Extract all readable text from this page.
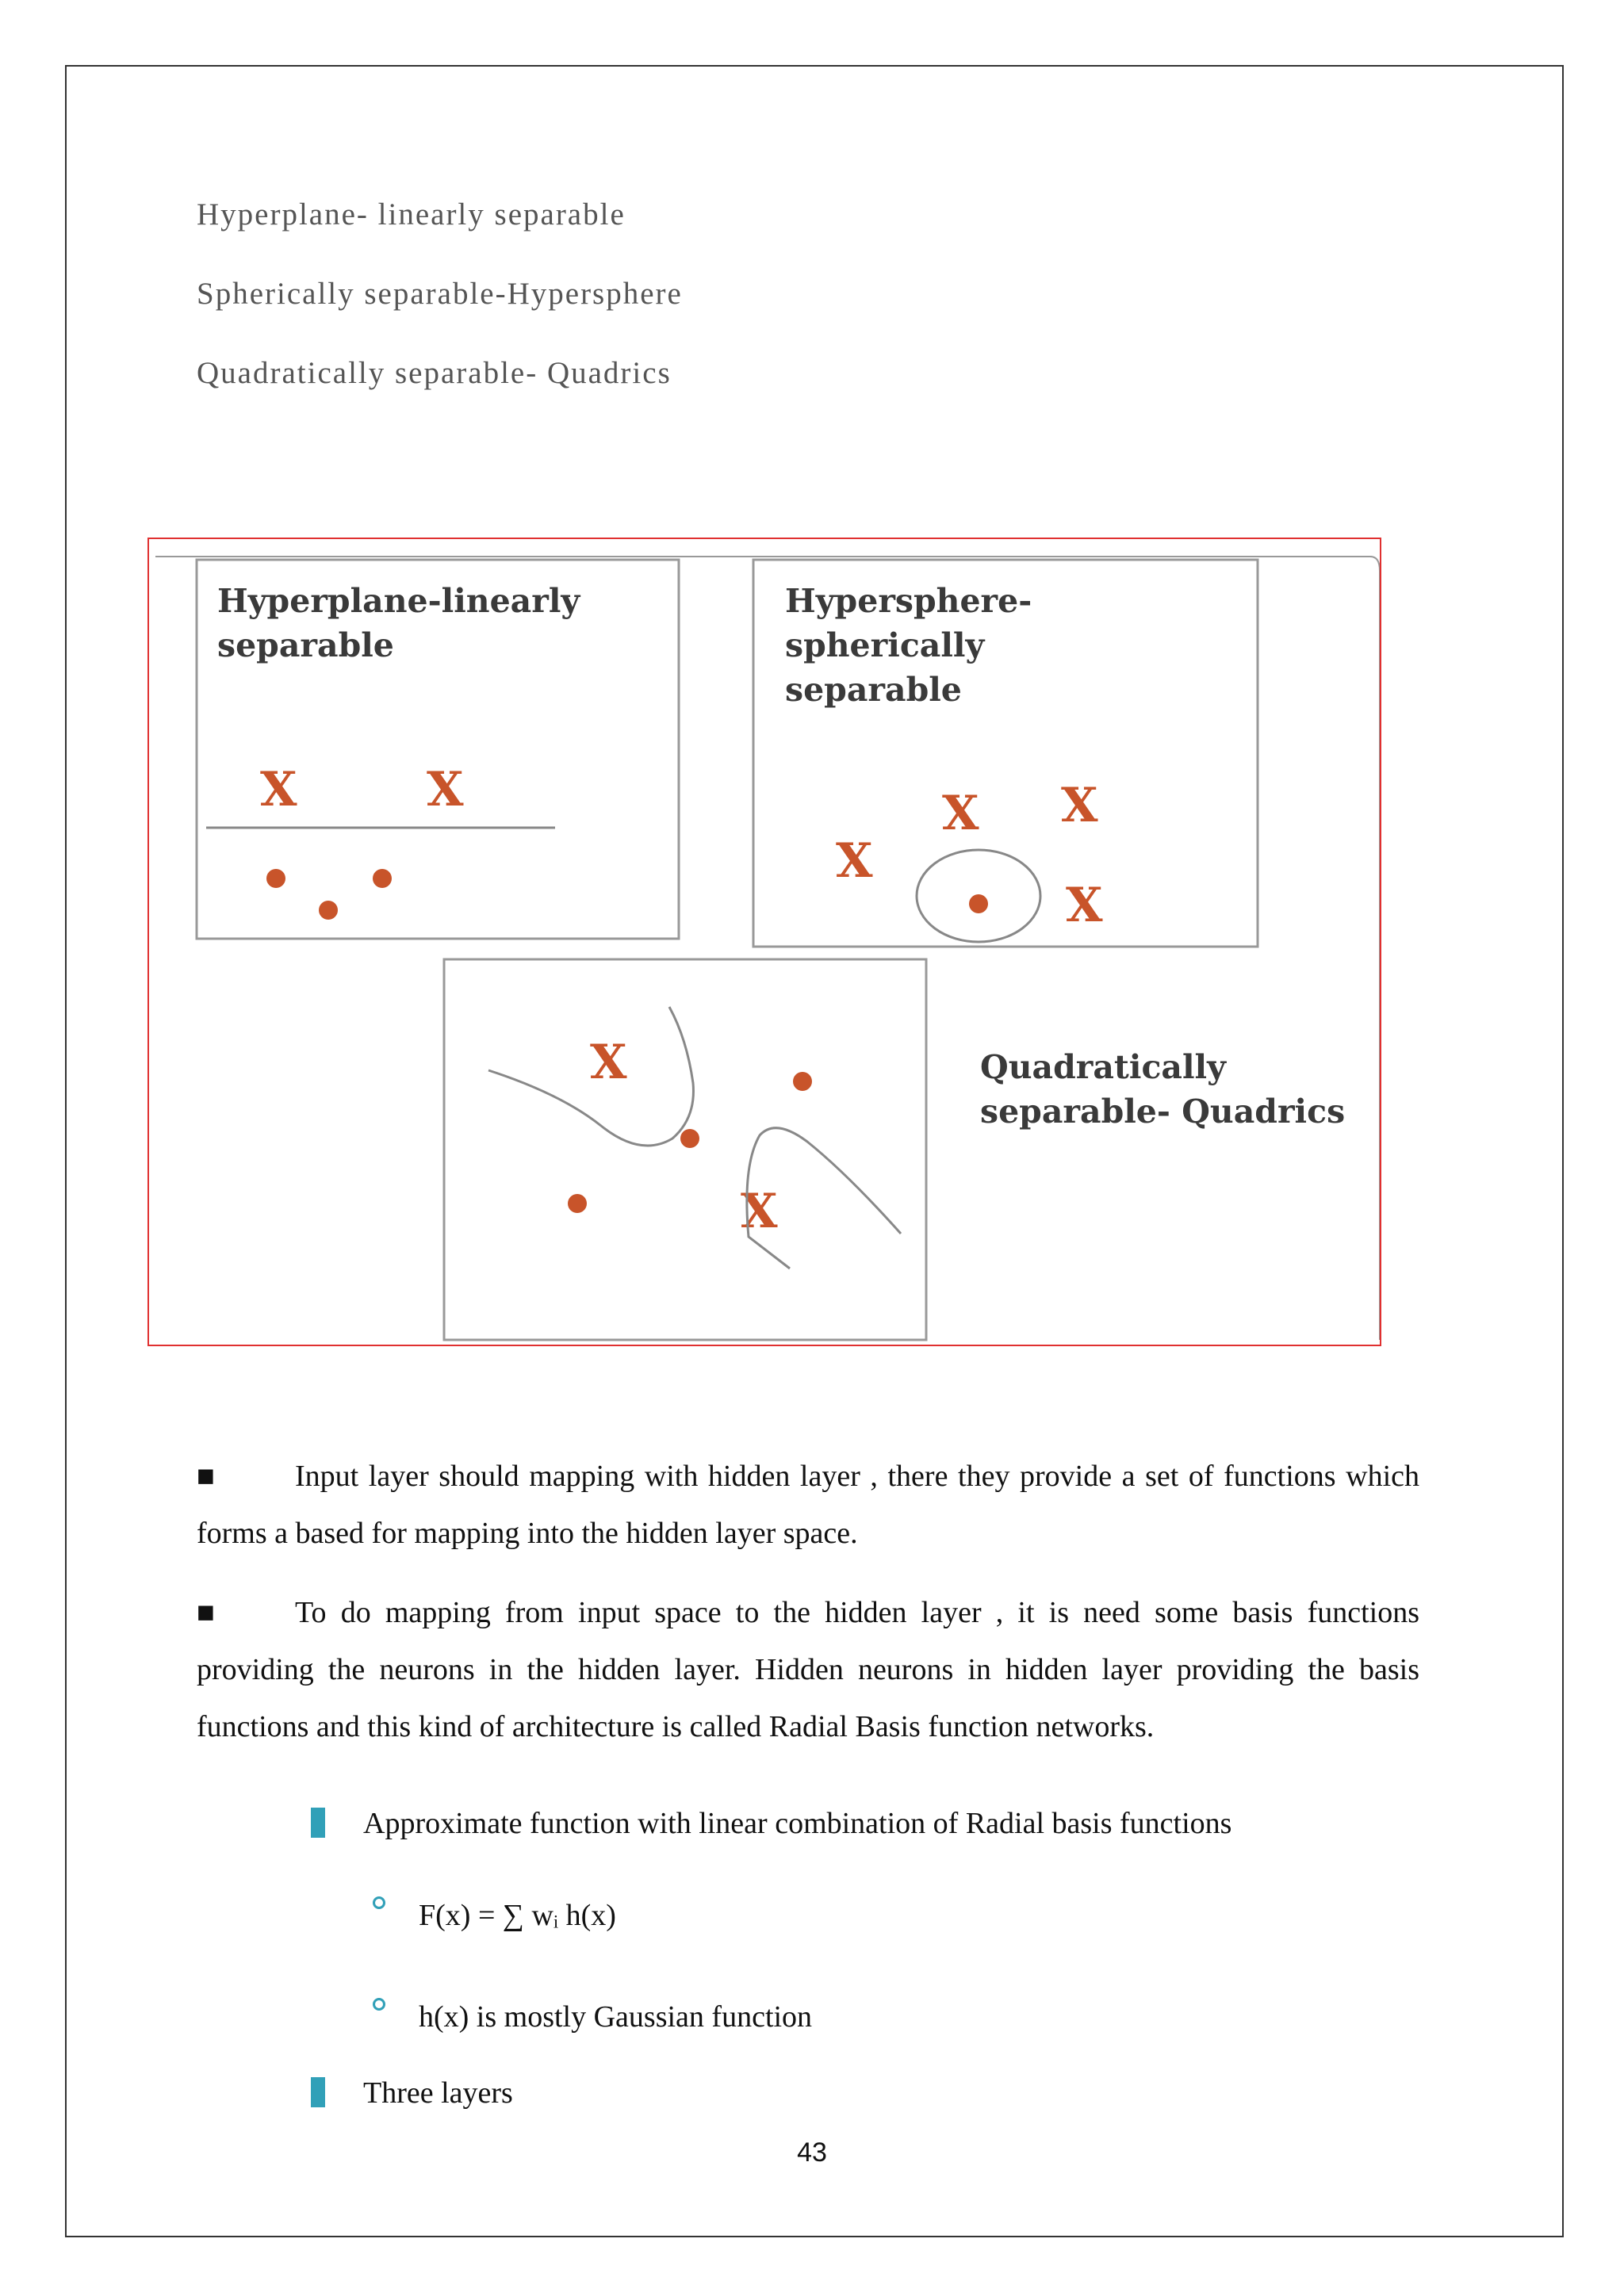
Hyperplane- linearly separable
Spherically separable-Hypersphere
Quadratically separable- Quadrics
Hyperplane-linearly
separable
X	X
Hypersphere-
spherically
separable
X X
X
X
X
X
Quadratically
separable- Quadrics
■	Input layer should mapping with hidden layer , there they provide a set of functions which forms a based for mapping into the hidden layer space.
■	To do mapping from input space to the hidden layer , it is need some basis functions providing the neurons in the hidden layer. Hidden neurons in hidden layer providing the basis functions and this kind of architecture is called Radial Basis function networks.
Approximate function with linear combination of Radial basis functions
F(x) = ∑ wᵢ h(x)
h(x) is mostly Gaussian function
Three layers
43
